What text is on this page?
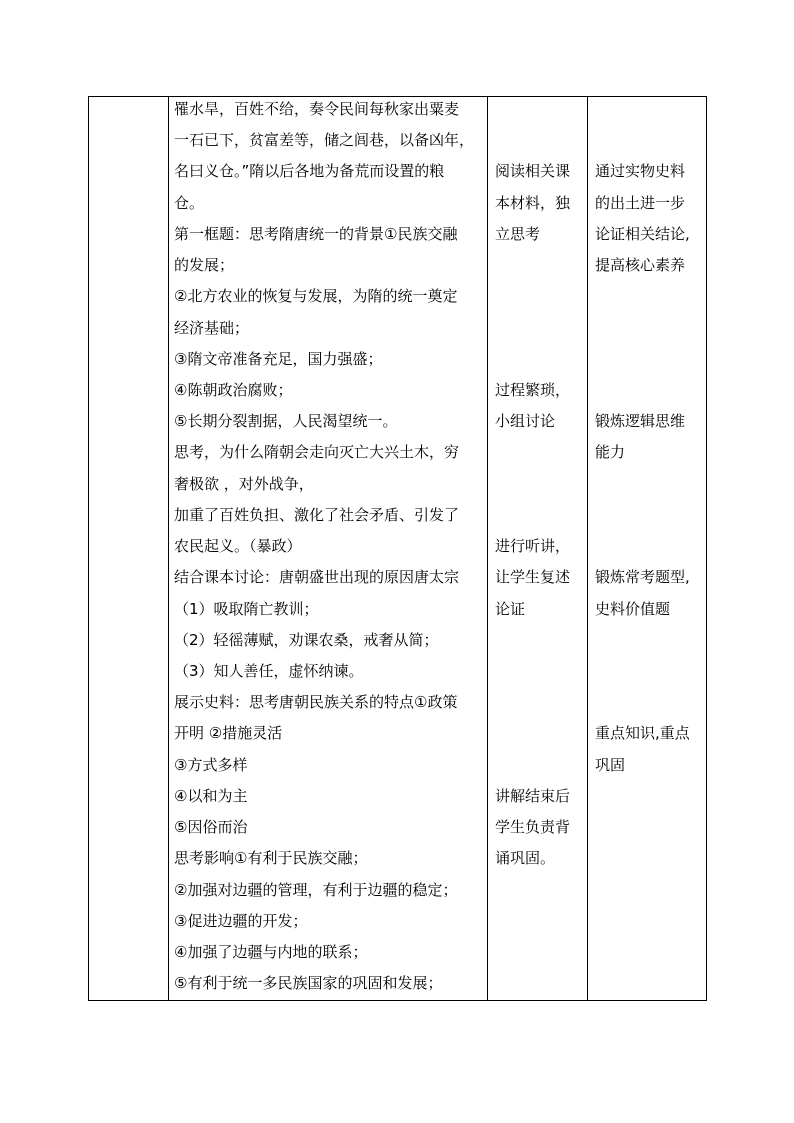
罹水旱，百姓不给，奏令民间每秋家出粟麦
一石已下，贫富差等，储之闾巷，以备凶年，
名曰义仓。”隋以后各地为备荒而设置的粮
仓。
第一框题：思考隋唐统一的背景①民族交融
的发展；
②北方农业的恢复与发展，为隋的统一奠定
经济基础；
③隋文帝准备充足，国力强盛；
④陈朝政治腐败；
⑤长期分裂割据，人民渴望统一。
思考，为什么隋朝会走向灭亡大兴土木，穷
奢极欲 ，对外战争，
加重了百姓负担、激化了社会矛盾、引发了
农民起义。（暴政）
结合课本讨论：唐朝盛世出现的原因唐太宗
（1）吸取隋亡教训；
（2）轻徭薄赋，劝课农桑，戒奢从简；
（3）知人善任，虚怀纳谏。
展示史料：思考唐朝民族关系的特点①政策
开明 ②措施灵活
③方式多样
④以和为主
⑤因俗而治
思考影响①有利于民族交融；
②加强对边疆的管理，有利于边疆的稳定；
③促进边疆的开发；
④加强了边疆与内地的联系；
⑤有利于统一多民族国家的巩固和发展；
阅读相关课
本材料，独
立思考
过程繁琐，
小组讨论
进行听讲，
让学生复述
论证
讲解结束后
学生负责背
诵巩固。
通过实物史料
的出土进一步
论证相关结论,
提高核心素养
锻炼逻辑思维
能力
锻炼常考题型,
史料价值题
重点知识,重点
巩固
